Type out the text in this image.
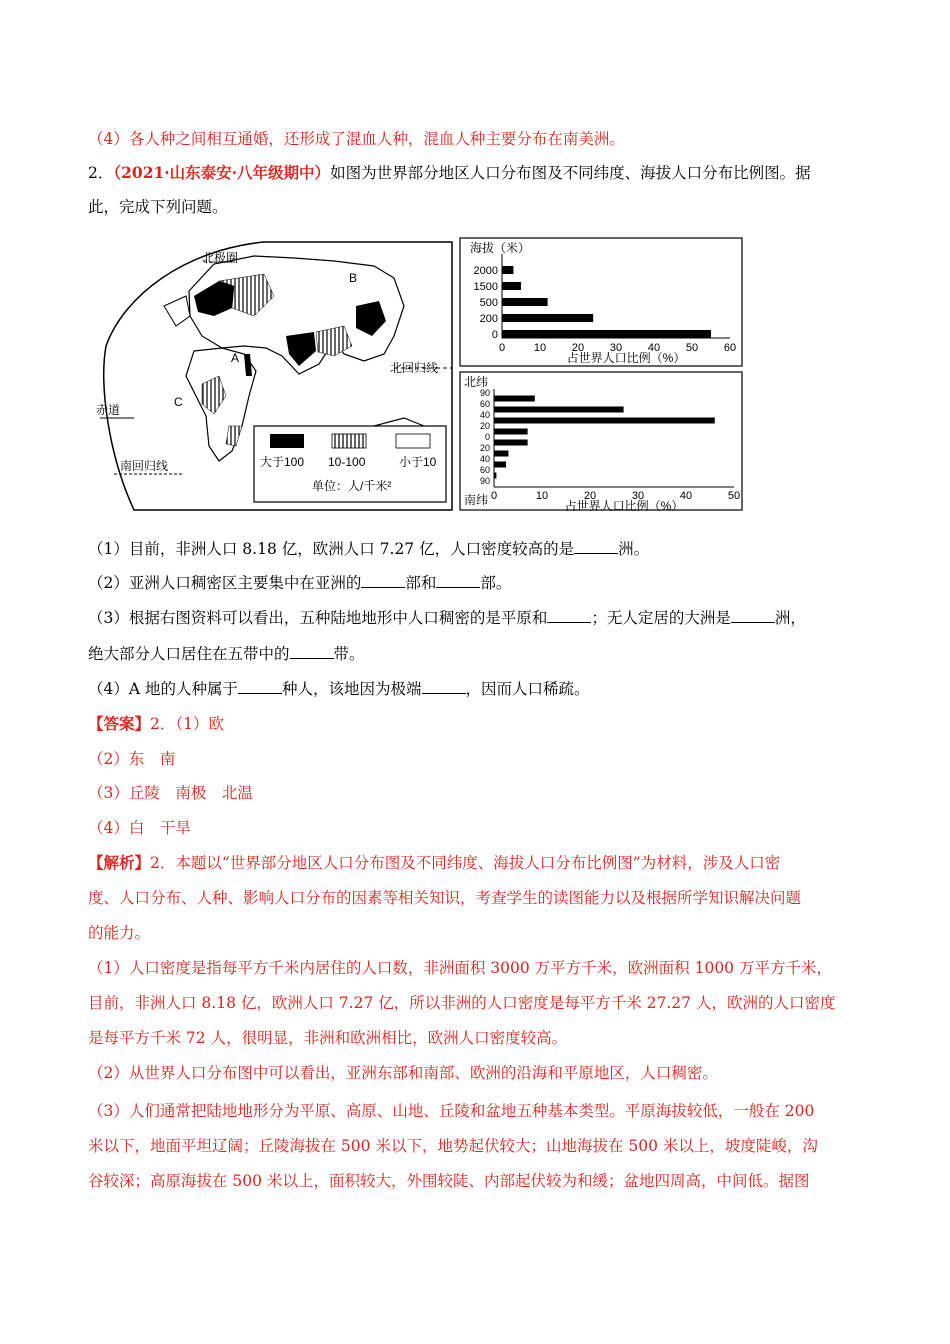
（4）各人种之间相互通婚，还形成了混血人种，混血人种主要分布在南美洲。
2．（2021·山东泰安·八年级期中）如图为世界部分地区人口分布图及不同纬度、海拔人口分布比例图。据
此，完成下列问题。
北极圈
北回归线
赤道
南回归线
A
B
C
大于100 10-100	小于10
单位：人/千米²
海拔（米）
0
200
500
1500
2000
0	10 20 30 40 50 60
占世界人口比例（%）
北纬
南纬
90
60
40
20
0
20
40
60
90
0	10	20	30	40	50
占世界人口比例（%）
（1）目前，非洲人口 8.18 亿，欧洲人口 7.27 亿，人口密度较高的是	洲。
（2）亚洲人口稠密区主要集中在亚洲的	部和	部。
（3）根据右图资料可以看出，五种陆地地形中人口稠密的是平原和	；无人定居的大洲是	洲，
绝大部分人口居住在五带中的	带。
（4）A 地的人种属于	种人，该地因为极端	，因而人口稀疏。
【答案】2．（1）欧
（2）东　南
（3）丘陵　南极　北温
（4）白　干旱
【解析】2．本题以“世界部分地区人口分布图及不同纬度、海拔人口分布比例图”为材料，涉及人口密
度、人口分布、人种、影响人口分布的因素等相关知识，考查学生的读图能力以及根据所学知识解决问题
的能力。
（1）人口密度是指每平方千米内居住的人口数，非洲面积 3000 万平方千米，欧洲面积 1000 万平方千米，
目前，非洲人口 8.18 亿，欧洲人口 7.27 亿，所以非洲的人口密度是每平方千米 27.27 人，欧洲的人口密度
是每平方千米 72 人，很明显，非洲和欧洲相比，欧洲人口密度较高。
（2）从世界人口分布图中可以看出，亚洲东部和南部、欧洲的沿海和平原地区，人口稠密。
（3）人们通常把陆地地形分为平原、高原、山地、丘陵和盆地五种基本类型。平原海拔较低，一般在 200
米以下，地面平坦辽阔；丘陵海拔在 500 米以下，地势起伏较大；山地海拔在 500 米以上，坡度陡峻，沟
谷较深；高原海拔在 500 米以上，面积较大，外围较陡、内部起伏较为和缓；盆地四周高，中间低。据图
